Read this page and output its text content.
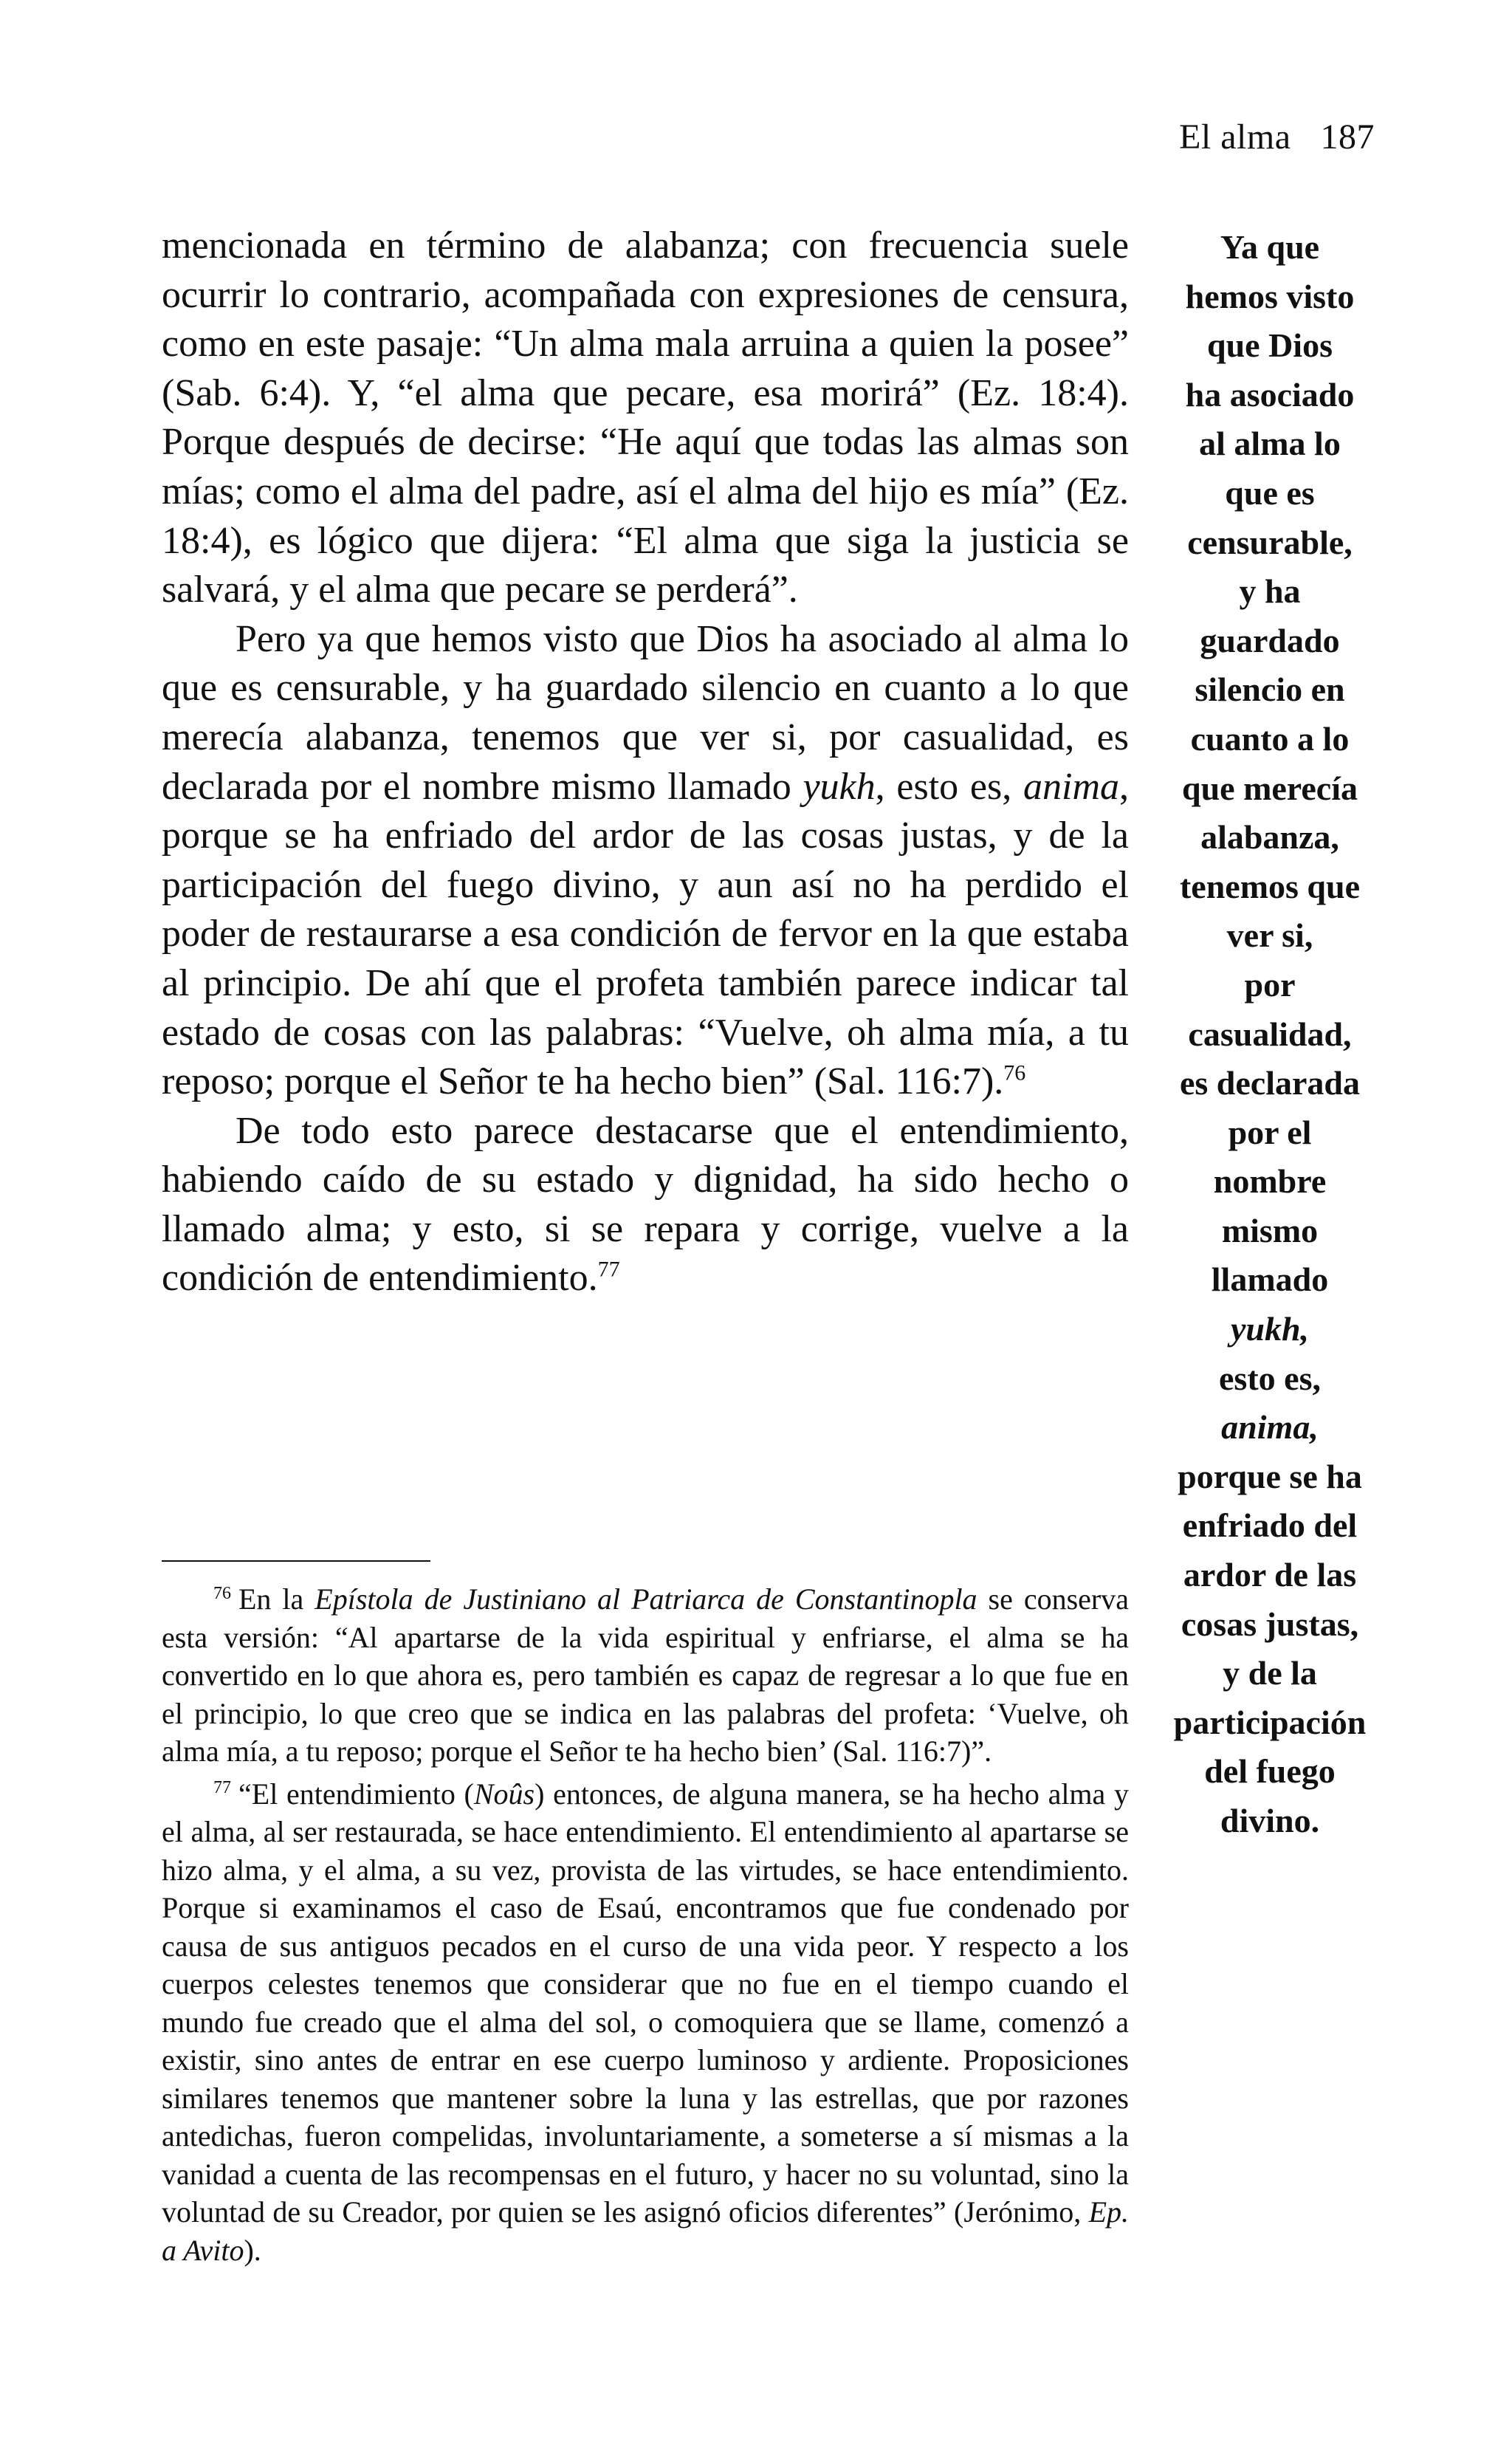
El alma 187

mencionada en término de alabanza; con frecuencia suele ocurrir lo contrario, acompañada con expresiones de censura, como en este pasaje: “Un alma mala arruina a quien la posee” (Sab. 6:4). Y, “el alma que pecare, esa morirá” (Ez. 18:4). Porque después de decirse: “He aquí que todas las almas son mías; como el alma del padre, así el alma del hijo es mía” (Ez. 18:4), es lógico que dijera: “El alma que siga la justicia se salvará, y el alma que pecare se perderá”.

Pero ya que hemos visto que Dios ha asociado al alma lo que es censurable, y ha guardado silencio en cuanto a lo que merecía alabanza, tenemos que ver si, por casualidad, es declarada por el nombre mismo llamado yukh, esto es, anima, porque se ha enfriado del ardor de las cosas justas, y de la participación del fuego divino, y aun así no ha perdido el poder de restaurarse a esa condición de fervor en la que estaba al principio. De ahí que el profeta también parece indicar tal estado de cosas con las palabras: “Vuelve, oh alma mía, a tu reposo; porque el Señor te ha hecho bien” (Sal. 116:7).$^{76}$

De todo esto parece destacarse que el entendimiento, habiendo caído de su estado y dignidad, ha sido hecho o llamado alma; y esto, si se repara y corrige, vuelve a la condición de entendimiento.$^{77}$

$^{76}$ En la Epístola de Justiniano al Patriarca de Constantinopla se conserva esta versión: “Al apartarse de la vida espiritual y enfriarse, el alma se ha convertido en lo que ahora es, pero también es capaz de regresar a lo que fue en el principio, lo que creo que se indica en las palabras del profeta: ‘Vuelve, oh alma mía, a tu reposo; porque el Señor te ha hecho bien’ (Sal. 116:7)”.

$^{77}$ “El entendimiento (Noûs) entonces, de alguna manera, se ha hecho alma y el alma, al ser restaurada, se hace entendimiento. El entendimiento al apartarse se hizo alma, y el alma, a su vez, provista de las virtudes, se hace entendimiento. Porque si examinamos el caso de Esaú, encontramos que fue condenado por causa de sus antiguos pecados en el curso de una vida peor. Y respecto a los cuerpos celestes tenemos que considerar que no fue en el tiempo cuando el mundo fue creado que el alma del sol, o comoquiera que se llame, comenzó a existir, sino antes de entrar en ese cuerpo luminoso y ardiente. Proposiciones similares tenemos que mantener sobre la luna y las estrellas, que por razones antedichas, fueron compelidas, involuntariamente, a someterse a sí mismas a la vanidad a cuenta de las recompensas en el futuro, y hacer no su voluntad, sino la voluntad de su Creador, por quien se les asignó oficios diferentes” (Jerónimo, Ep. a Avito).

Ya que
hemos visto
que Dios
ha asociado
al alma lo
que es
censurable,
y ha
guardado
silencio en
cuanto a lo
que merecía
alabanza,
tenemos que
ver si,
por
casualidad,
es declarada
por el
nombre
mismo
llamado
yukh,
esto es,
anima,
porque se ha
enfriado del
ardor de las
cosas justas,
y de la
participación
del fuego
divino.
